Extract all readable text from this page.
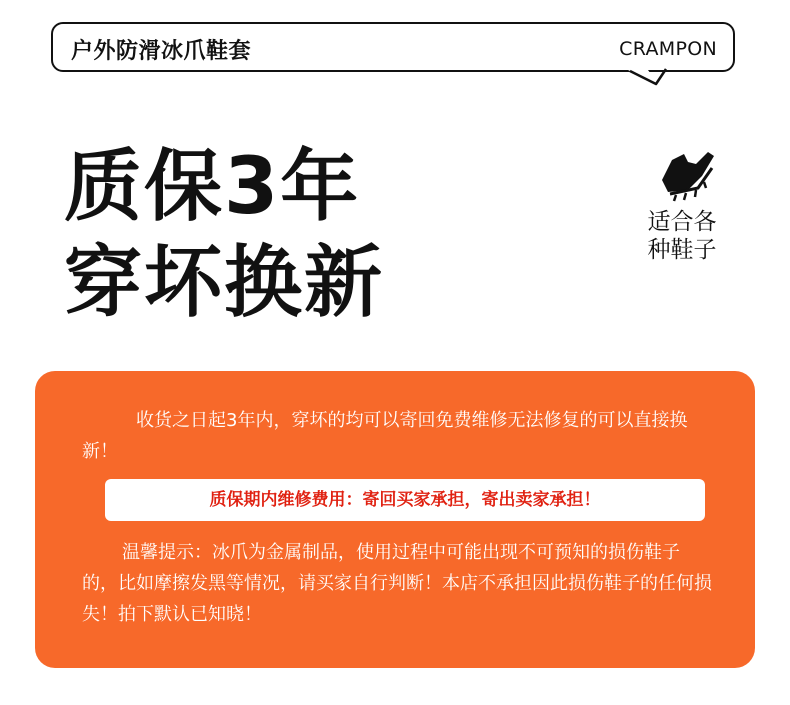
户外防滑冰爪鞋套	CRAMPON
质保3年
穿坏换新
适合各
种鞋子
收货之日起3年内，穿坏的均可以寄回免费维修无法修复的可以直接换新！
质保期内维修费用：寄回买家承担，寄出卖家承担！
温馨提示：冰爪为金属制品，使用过程中可能出现不可预知的损伤鞋子的，比如摩擦发黑等情况，请买家自行判断！本店不承担因此损伤鞋子的任何损失！拍下默认已知晓！
